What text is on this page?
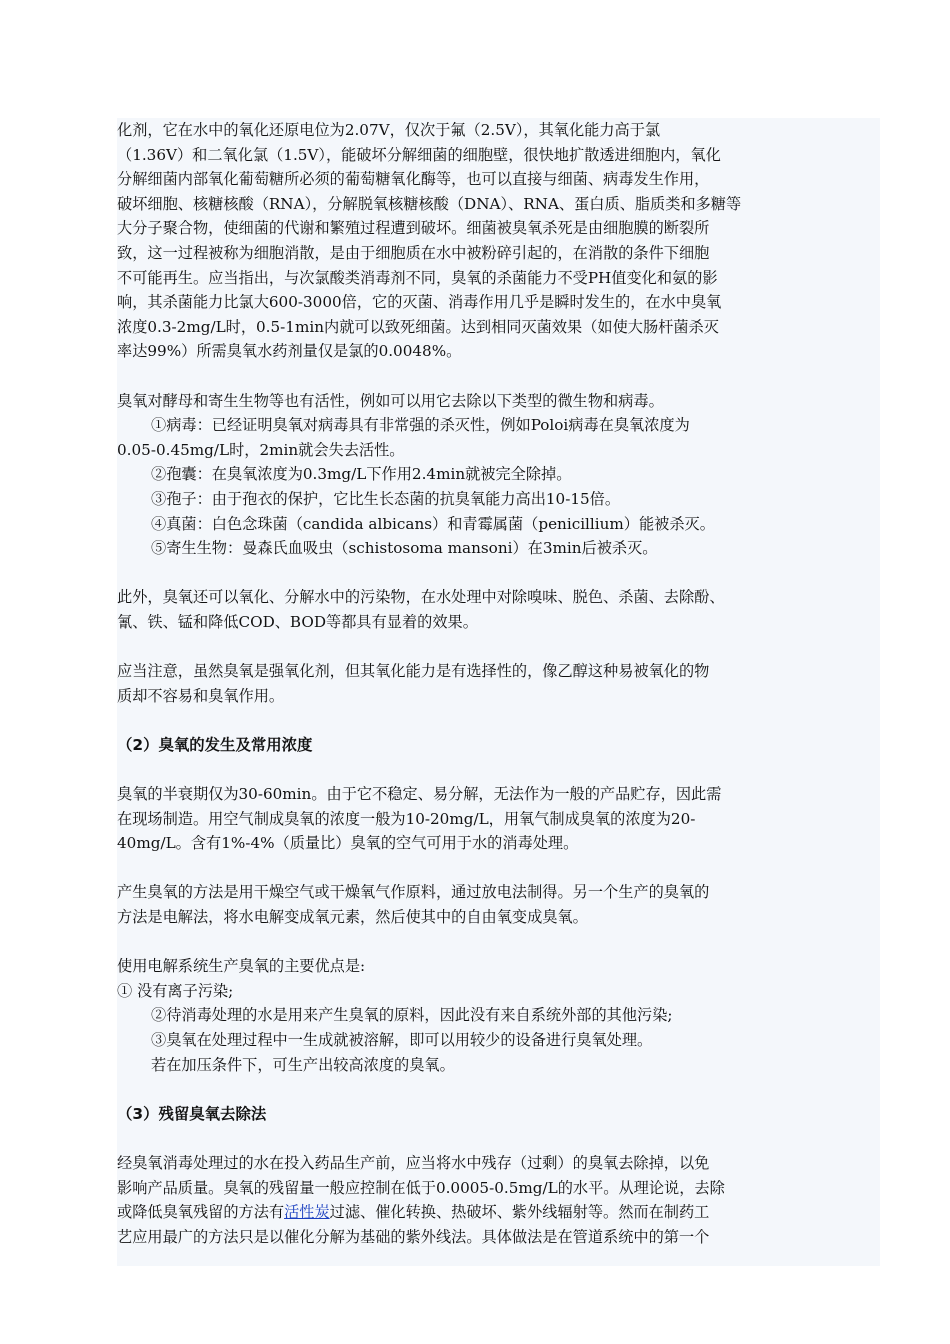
化剂，它在水中的氧化还原电位为2.07V，仅次于氟（2.5V），其氧化能力高于氯
（1.36V）和二氧化氯（1.5V），能破坏分解细菌的细胞壁，很快地扩散透进细胞内，氧化
分解细菌内部氧化葡萄糖所必须的葡萄糖氧化酶等，也可以直接与细菌、病毒发生作用，
破坏细胞、核糖核酸（RNA），分解脱氧核糖核酸（DNA）、RNA、蛋白质、脂质类和多糖等
大分子聚合物，使细菌的代谢和繁殖过程遭到破坏。细菌被臭氧杀死是由细胞膜的断裂所
致，这一过程被称为细胞消散，是由于细胞质在水中被粉碎引起的，在消散的条件下细胞
不可能再生。应当指出，与次氯酸类消毒剂不同，臭氧的杀菌能力不受PH值变化和氨的影
响，其杀菌能力比氯大600-3000倍，它的灭菌、消毒作用几乎是瞬时发生的，在水中臭氧
浓度0.3-2mg/L时，0.5-1min内就可以致死细菌。达到相同灭菌效果（如使大肠杆菌杀灭
率达99%）所需臭氧水药剂量仅是氯的0.0048%。
臭氧对酵母和寄生生物等也有活性，例如可以用它去除以下类型的微生物和病毒。
①病毒：已经证明臭氧对病毒具有非常强的杀灭性，例如Poloi病毒在臭氧浓度为
0.05-0.45mg/L时，2min就会失去活性。
②孢囊：在臭氧浓度为0.3mg/L下作用2.4min就被完全除掉。
③孢子：由于孢衣的保护，它比生长态菌的抗臭氧能力高出10-15倍。
④真菌：白色念珠菌（candida albicans）和青霉属菌（penicillium）能被杀灭。
⑤寄生生物：曼森氏血吸虫（schistosoma mansoni）在3min后被杀灭。
此外，臭氧还可以氧化、分解水中的污染物，在水处理中对除嗅味、脱色、杀菌、去除酚、
氰、铁、锰和降低COD、BOD等都具有显着的效果。
应当注意，虽然臭氧是强氧化剂，但其氧化能力是有选择性的，像乙醇这种易被氧化的物
质却不容易和臭氧作用。
（2）臭氧的发生及常用浓度
臭氧的半衰期仅为30-60min。由于它不稳定、易分解，无法作为一般的产品贮存，因此需
在现场制造。用空气制成臭氧的浓度一般为10-20mg/L，用氧气制成臭氧的浓度为20-
40mg/L。含有1%-4%（质量比）臭氧的空气可用于水的消毒处理。
产生臭氧的方法是用干燥空气或干燥氧气作原料，通过放电法制得。另一个生产的臭氧的
方法是电解法，将水电解变成氧元素，然后使其中的自由氧变成臭氧。
使用电解系统生产臭氧的主要优点是:
① 没有离子污染;
②待消毒处理的水是用来产生臭氧的原料，因此没有来自系统外部的其他污染;
③臭氧在处理过程中一生成就被溶解，即可以用较少的设备进行臭氧处理。
若在加压条件下，可生产出较高浓度的臭氧。
（3）残留臭氧去除法
经臭氧消毒处理过的水在投入药品生产前，应当将水中残存（过剩）的臭氧去除掉，以免
影响产品质量。臭氧的残留量一般应控制在低于0.0005-0.5mg/L的水平。从理论说，去除
或降低臭氧残留的方法有活性炭过滤、催化转换、热破坏、紫外线辐射等。然而在制药工
艺应用最广的方法只是以催化分解为基础的紫外线法。具体做法是在管道系统中的第一个
